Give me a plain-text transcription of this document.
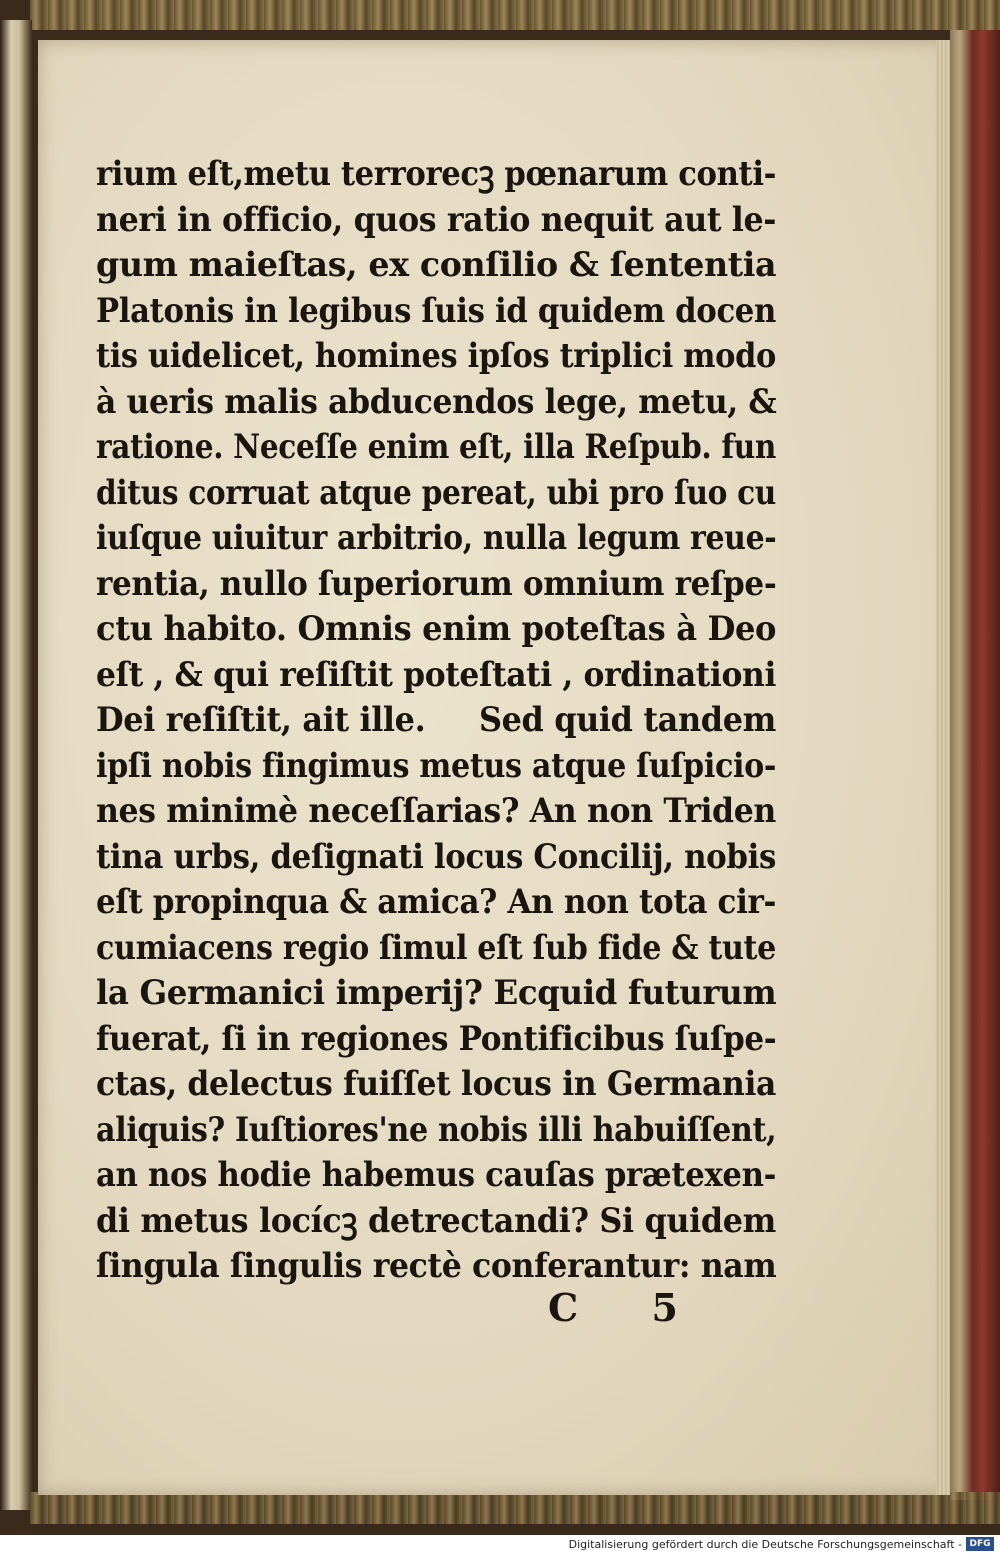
rium eſt,metu terrorecꝫ pœnarum conti-
neri in officio, quos ratio nequit aut le-
gum maieſtas, ex conſilio & ſententia
Platonis in legibus ſuis id quidem docen
tis uidelicet, homines ipſos triplici modo
à ueris malis abducendos lege, metu, &
ratione. Neceſſe enim eſt, illa Reſpub. fun
ditus corruat atque pereat, ubi pro ſuo cu
iuſque uiuitur arbitrio, nulla legum reue-
rentia, nullo ſuperiorum omnium reſpe-
ctu habito. Omnis enim poteſtas à Deo
eſt , & qui reſiſtit poteſtati , ordinationi
Dei reſiſtit, ait ille.     Sed quid tandem
ipſi nobis fingimus metus atque ſuſpicio-
nes minimè neceſſarias? An non Triden
tina urbs, deſignati locus Concilij, nobis
eſt propinqua & amica? An non tota cir-
cumiacens regio ſimul eſt ſub fide & tute
la Germanici imperij? Ecquid futurum
fuerat, ſi in regiones Pontificibus ſuſpe-
ctas, delectus fuiſſet locus in Germania
aliquis? Iuſtiores'ne nobis illi habuiſſent,
an nos hodie habemus cauſas prætexen-
di metus locícꝫ detrectandi? Si quidem
ſingula ſingulis rectè conferantur: nam
C 5
Digitalisierung gefördert durch die Deutsche Forschungsgemeinschaft - DFG
